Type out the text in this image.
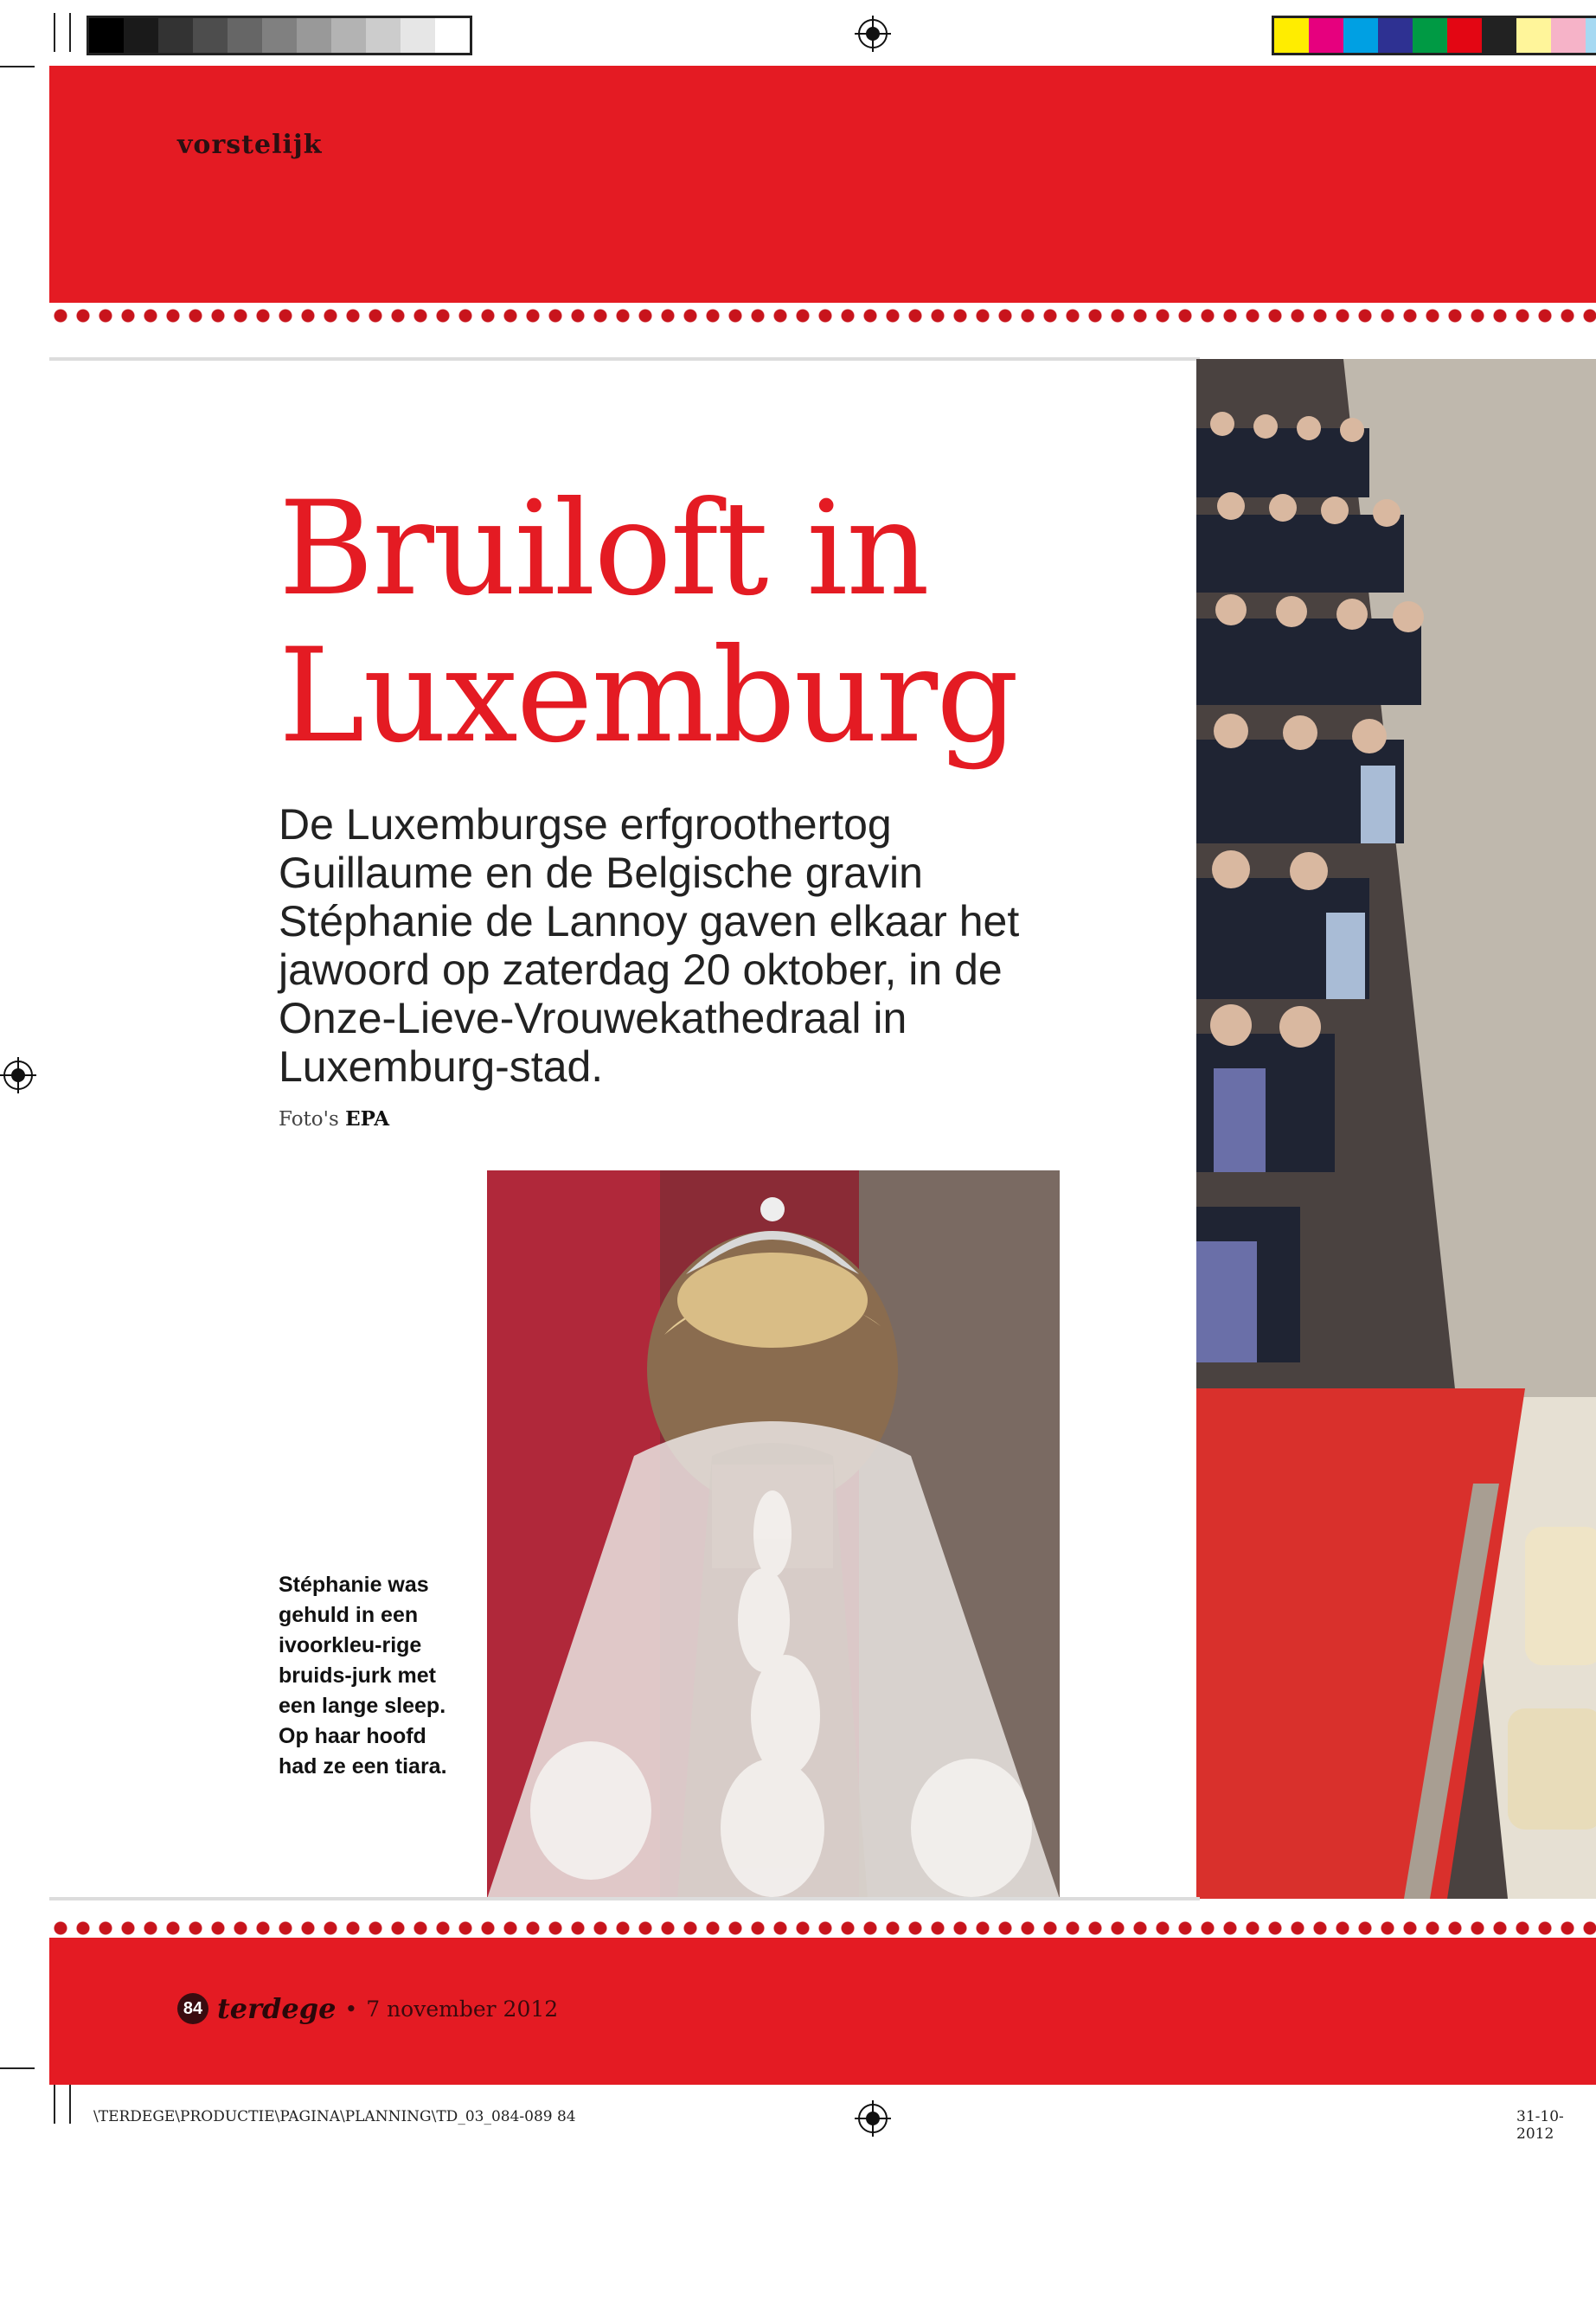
vorstelijk
Bruiloft in
Luxemburg
De Luxemburgse erfgroothertog Guillaume en de Belgische gravin Stéphanie de Lannoy gaven elkaar het jawoord op zaterdag 20 oktober, in de Onze-Lieve-Vrouwekathedraal in Luxemburg-stad.
Foto's EPA
Stéphanie was gehuld in een ivoorkleu-rige bruids-jurk met een lange sleep. Op haar hoofd had ze een tiara.
84 terdege • 7 november 2012
\TERDEGE\PRODUCTIE\PAGINA\PLANNING\TD_03_084-089 84	31-10-2012
